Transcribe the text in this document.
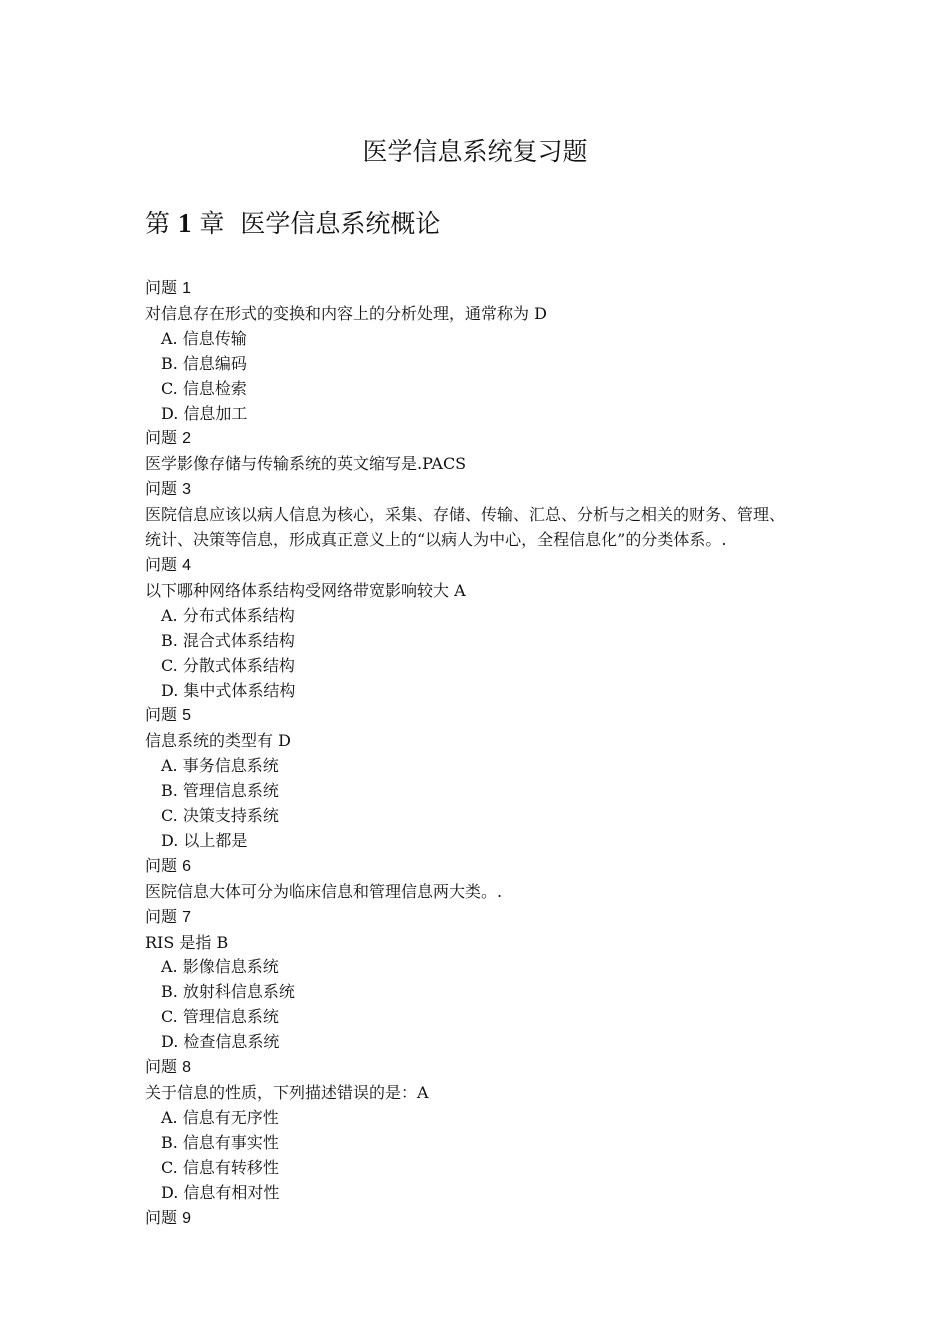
医学信息系统复习题
第 1 章 医学信息系统概论
问题 1
对信息存在形式的变换和内容上的分析处理，通常称为 D
A. 信息传输
B. 信息编码
C. 信息检索
D. 信息加工
问题 2
医学影像存储与传输系统的英文缩写是.PACS
问题 3
医院信息应该以病人信息为核心，采集、存储、传输、汇总、分析与之相关的财务、管理、
统计、决策等信息，形成真正意义上的“以病人为中心，全程信息化”的分类体系。.
问题 4
以下哪种网络体系结构受网络带宽影响较大 A
A. 分布式体系结构
B. 混合式体系结构
C. 分散式体系结构
D. 集中式体系结构
问题 5
信息系统的类型有 D
A. 事务信息系统
B. 管理信息系统
C. 决策支持系统
D. 以上都是
问题 6
医院信息大体可分为临床信息和管理信息两大类。.
问题 7
RIS 是指 B
A. 影像信息系统
B. 放射科信息系统
C. 管理信息系统
D. 检查信息系统
问题 8
关于信息的性质，下列描述错误的是：A
A. 信息有无序性
B. 信息有事实性
C. 信息有转移性
D. 信息有相对性
问题 9
